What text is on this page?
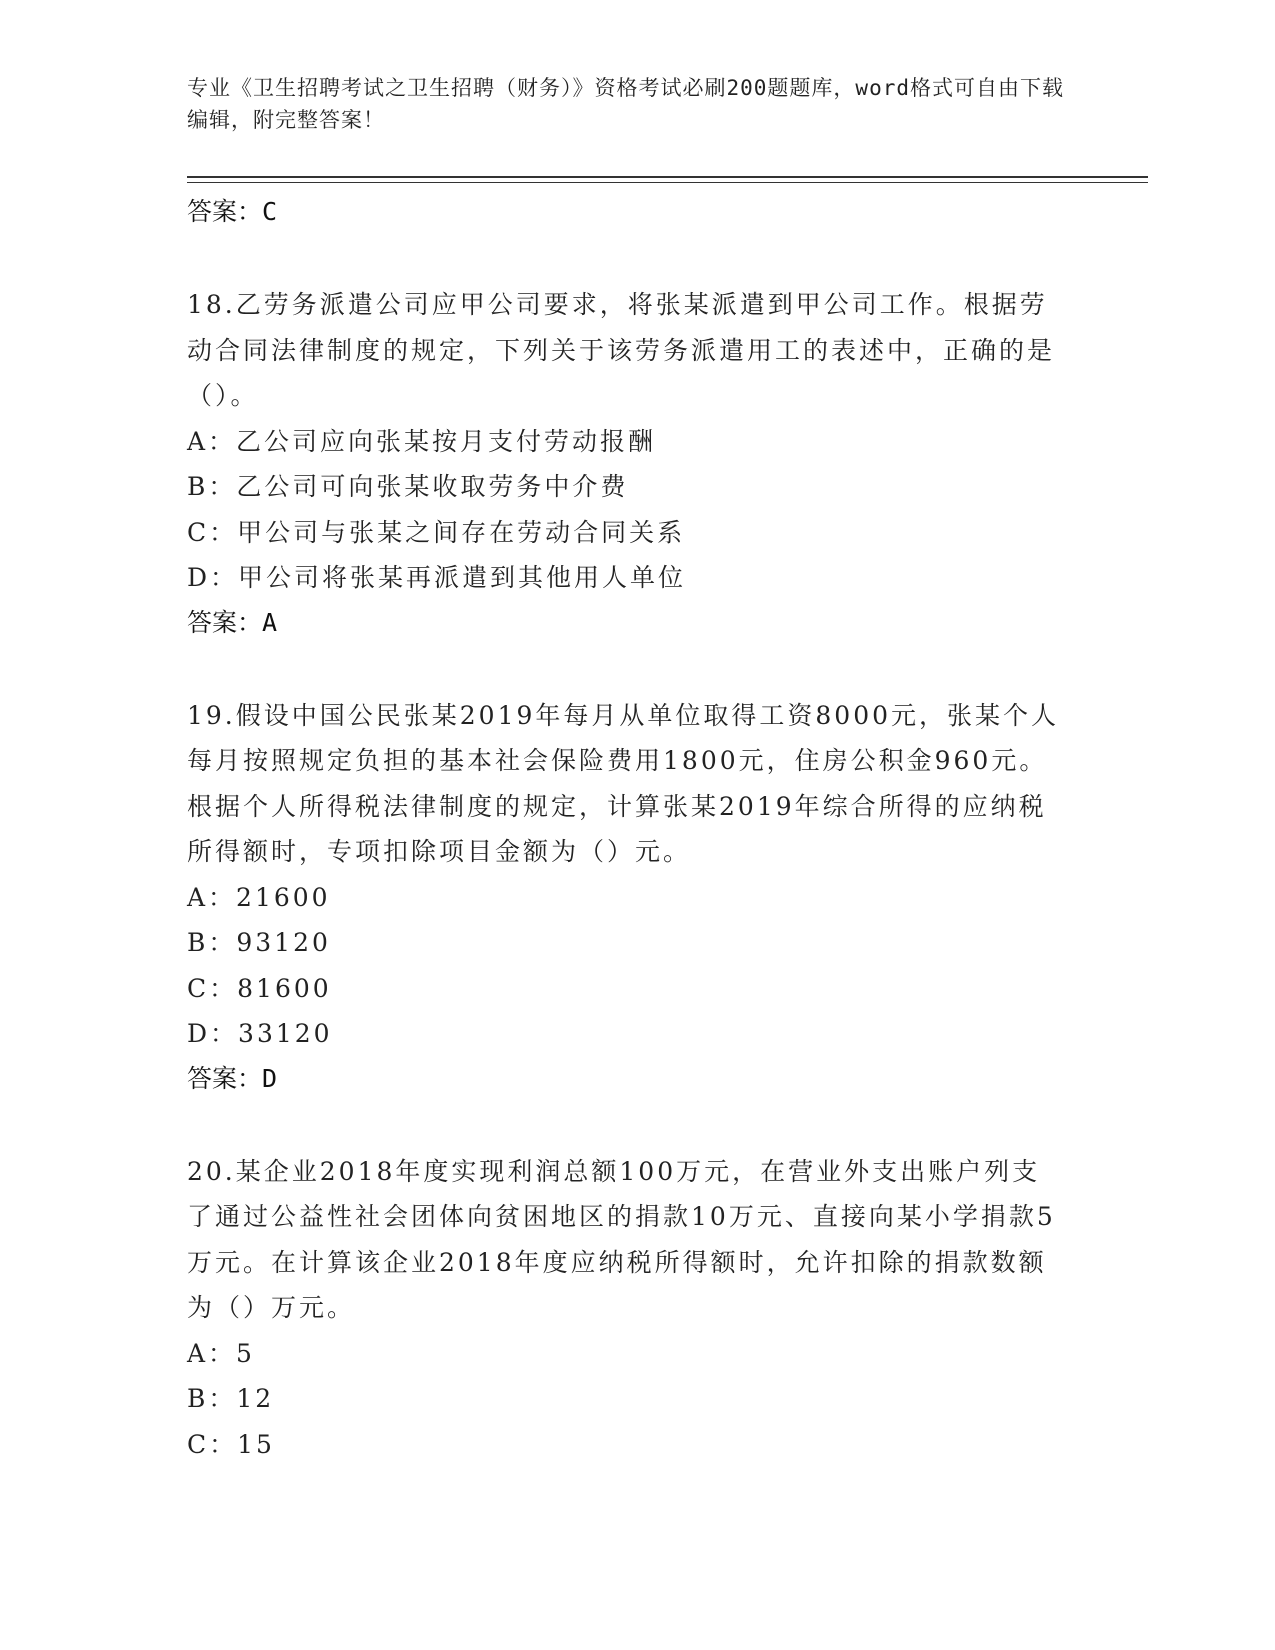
专业《卫生招聘考试之卫生招聘（财务）》资格考试必刷200题题库，word格式可自由下载编辑，附完整答案！
答案：C

18.乙劳务派遣公司应甲公司要求，将张某派遣到甲公司工作。根据劳动合同法律制度的规定，下列关于该劳务派遣用工的表述中，正确的是（）。

A：乙公司应向张某按月支付劳动报酬
B：乙公司可向张某收取劳务中介费
C：甲公司与张某之间存在劳动合同关系
D：甲公司将张某再派遣到其他用人单位
答案：A

19.假设中国公民张某2019年每月从单位取得工资8000元，张某个人每月按照规定负担的基本社会保险费用1800元，住房公积金960元。根据个人所得税法律制度的规定，计算张某2019年综合所得的应纳税所得额时，专项扣除项目金额为（）元。

A：21600
B：93120
C：81600
D：33120
答案：D

20.某企业2018年度实现利润总额100万元，在营业外支出账户列支了通过公益性社会团体向贫困地区的捐款10万元、直接向某小学捐款5万元。在计算该企业2018年度应纳税所得额时，允许扣除的捐款数额为（）万元。

A：5
B：12
C：15
